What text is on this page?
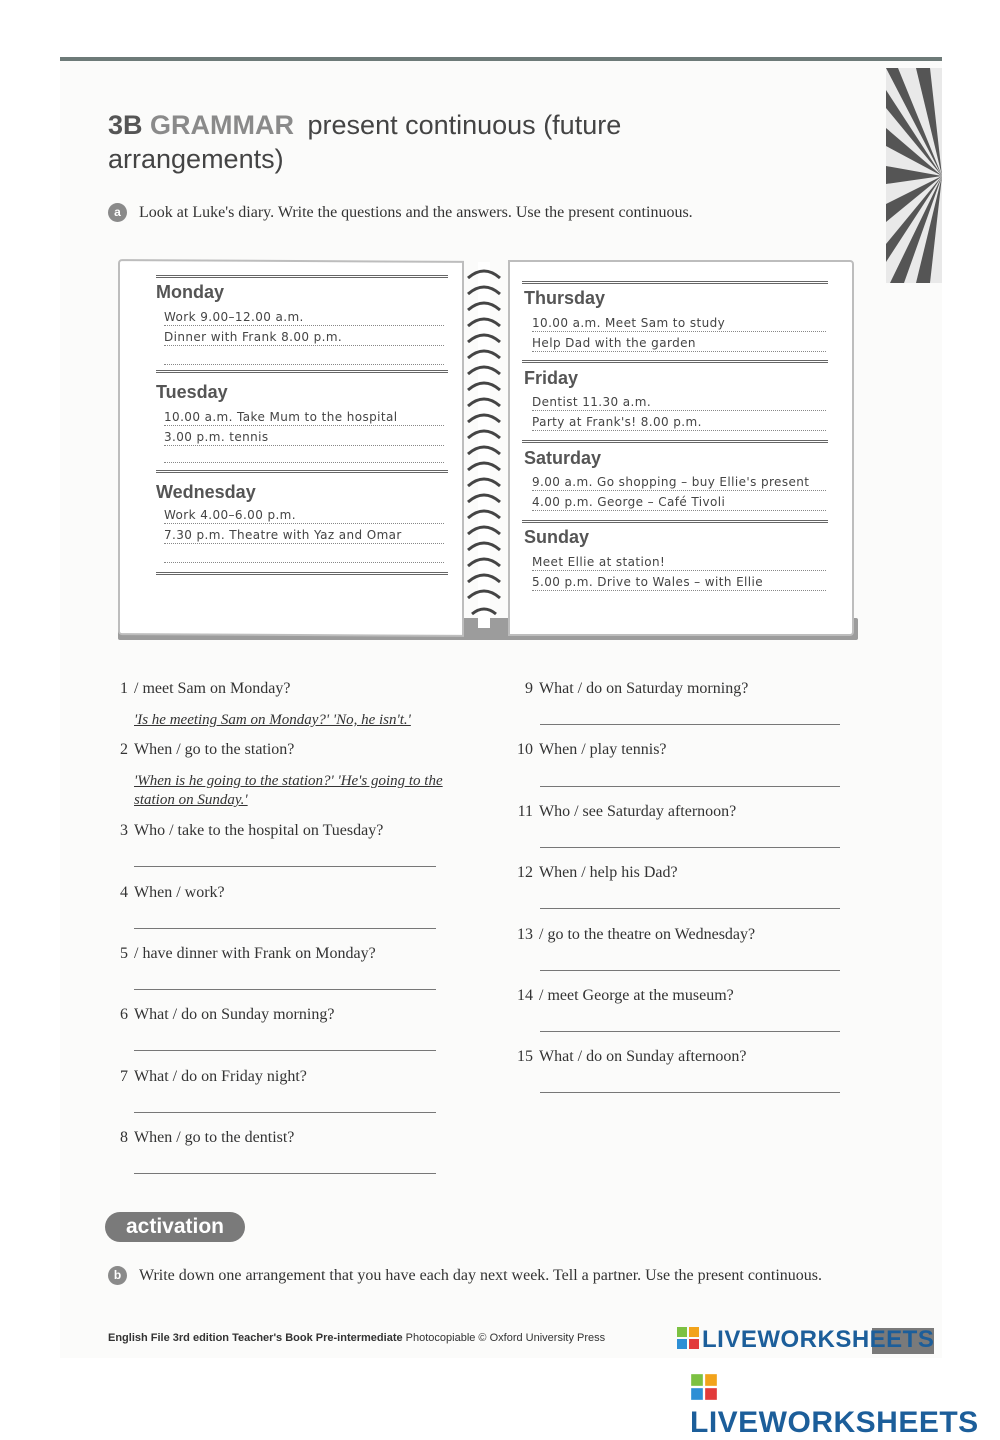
3B GRAMMAR present continuous (future arrangements)
a Look at Luke's diary. Write the questions and the answers. Use the present continuous.
Monday
Work 9.00–12.00 a.m.
Dinner with Frank 8.00 p.m.
Tuesday
10.00 a.m. Take Mum to the hospital
3.00 p.m. tennis
Wednesday
Work 4.00–6.00 p.m.
7.30 p.m. Theatre with Yaz and Omar
Thursday
10.00 a.m. Meet Sam to study
Help Dad with the garden
Friday
Dentist 11.30 a.m.
Party at Frank's! 8.00 p.m.
Saturday
9.00 a.m. Go shopping – buy Ellie's present
4.00 p.m. George – Café Tivoli
Sunday
Meet Ellie at station!
5.00 p.m. Drive to Wales – with Ellie
1 / meet Sam on Monday?
'Is he meeting Sam on Monday?' 'No, he isn't.'
2 When / go to the station?
'When is he going to the station?' 'He's going to the station on Sunday.'
3 Who / take to the hospital on Tuesday?
4 When / work?
5 / have dinner with Frank on Monday?
6 What / do on Sunday morning?
7 What / do on Friday night?
8 When / go to the dentist?
9 What / do on Saturday morning?
10 When / play tennis?
11 Who / see Saturday afternoon?
12 When / help his Dad?
13 / go to the theatre on Wednesday?
14 / meet George at the museum?
15 What / do on Sunday afternoon?
activation
b Write down one arrangement that you have each day next week. Tell a partner. Use the present continuous.
English File 3rd edition Teacher's Book Pre-intermediate Photocopiable © Oxford University Press	LIVEWORKSHEETS
LIVEWORKSHEETS
